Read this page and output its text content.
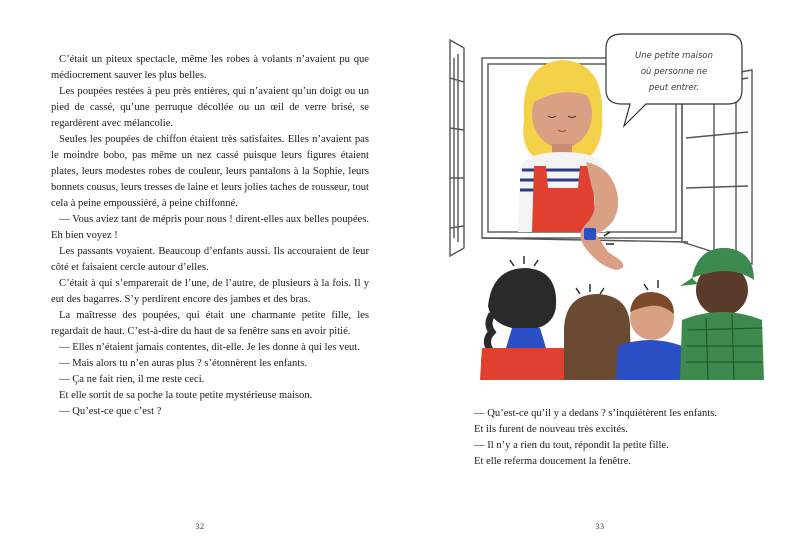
C’était un piteux spectacle, même les robes à volants n’avaient pu que médiocrement sauver les plus belles.

Les poupées restées à peu près entières, qui n’avaient qu’un doigt ou un pied de cassé, qu’une perruque décollée ou un œil de verre brisé, se regardèrent avec mélancolie.

Seules les poupées de chiffon étaient très satisfaites. Elles n’avaient pas le moindre bobo, pas même un nez cassé puisque leurs figures étaient plates, leurs modestes robes de couleur, leurs pantalons à la Sophie, leurs bonnets cousus, leurs tresses de laine et leurs jolies taches de rousseur, tout cela à peine empoussiéré, à peine chiffonné.

— Vous aviez tant de mépris pour nous ! dirent-elles aux belles poupées. Eh bien voyez !

Les passants voyaient. Beaucoup d’enfants aussi. Ils accouraient de leur côté et faisaient cercle autour d’elles.

C’était à qui s’emparerait de l’une, de l’autre, de plusieurs à la fois. Il y eut des bagarres. S’y perdirent encore des jambes et des bras.

La maîtresse des poupées, qui était une charmante petite fille, les regardait de haut. C’est-à-dire du haut de sa fenêtre sans en avoir pitié.

— Elles n’étaient jamais contentes, dit-elle. Je les donne à qui les veut.

— Mais alors tu n’en auras plus ? s’étonnèrent les enfants.

— Ça ne fait rien, il me reste ceci.

Et elle sortit de sa poche la toute petite mystérieuse maison.

— Qu’est-ce que c’est ?

32
Une petite maison
où personne ne
peut entrer.

— Qu’est-ce qu’il y a dedans ? s’inquiétèrent les enfants.

Et ils furent de nouveau très excités.

— Il n’y a rien du tout, répondit la petite fille.

Et elle referma doucement la fenêtre.

33
